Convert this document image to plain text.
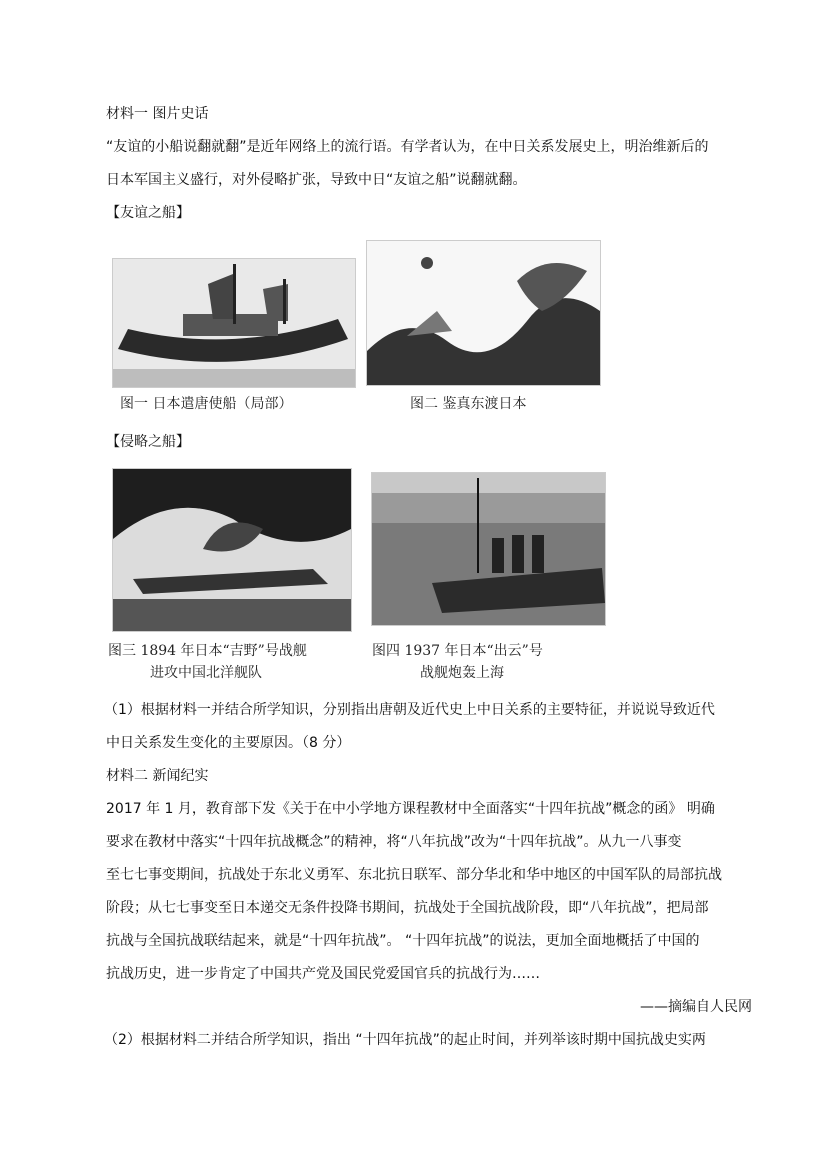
材料一 图片史话
“友谊的小船说翻就翻”是近年网络上的流行语。有学者认为，在中日关系发展史上，明治维新后的
日本军国主义盛行，对外侵略扩张，导致中日“友谊之船”说翻就翻。
【友谊之船】
图一 日本遣唐使船（局部）	图二 鉴真东渡日本
【侵略之船】
图三 1894 年日本“吉野”号战舰
进攻中国北洋舰队
图四 1937 年日本“出云”号
战舰炮轰上海
（1）根据材料一并结合所学知识，分别指出唐朝及近代史上中日关系的主要特征，并说说导致近代
中日关系发生变化的主要原因。（8 分）
材料二 新闻纪实
2017 年 1 月，教育部下发《关于在中小学地方课程教材中全面落实“十四年抗战”概念的函》 明确
要求在教材中落实“十四年抗战概念”的精神，将“八年抗战”改为“十四年抗战”。从九一八事变
至七七事变期间，抗战处于东北义勇军、东北抗日联军、部分华北和华中地区的中国军队的局部抗战
阶段；从七七事变至日本递交无条件投降书期间，抗战处于全国抗战阶段，即“八年抗战”，把局部
抗战与全国抗战联结起来，就是“十四年抗战”。 “十四年抗战”的说法，更加全面地概括了中国的
抗战历史，进一步肯定了中国共产党及国民党爱国官兵的抗战行为……
——摘编自人民网
（2）根据材料二并结合所学知识，指出 “十四年抗战”的起止时间，并列举该时期中国抗战史实两
